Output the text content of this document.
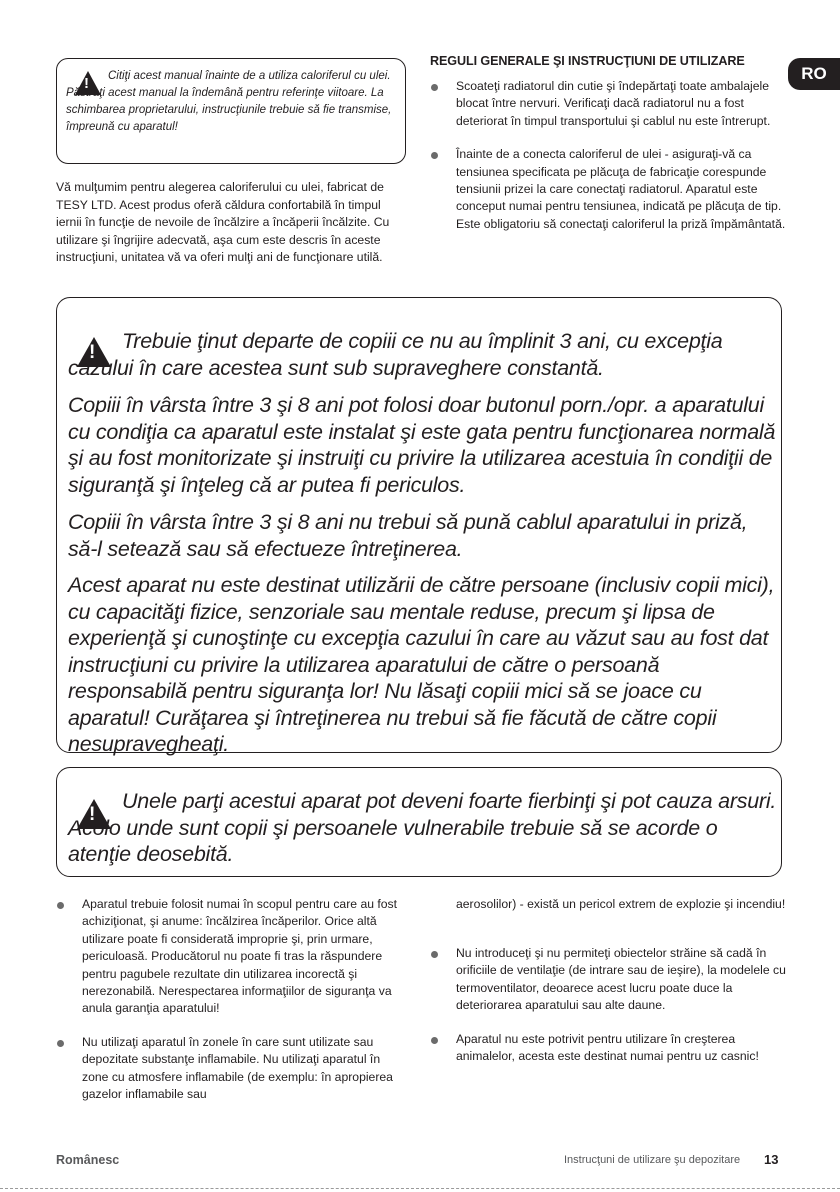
!
Citiţi acest manual înainte de a utiliza caloriferul cu ulei. Păstraţi acest manual la îndemână pentru referinţe viitoare. La schimbarea proprietarului, instrucţiunile trebuie să fie transmise, împreună cu aparatul!
Vă mulţumim pentru alegerea caloriferului cu ulei, fabricat de TESY LTD. Acest produs oferă căldura confortabilă în timpul iernii în funcţie de nevoile de încălzire a încăperii încălzite. Cu utilizare şi îngrijire adecvată, aşa cum este descris în aceste instrucţiuni, unitatea vă va oferi mulţi ani de funcţionare utilă.
REGULI GENERALE ŞI INSTRUCŢIUNI DE UTILIZARE
RO
Scoateţi radiatorul din cutie şi îndepărtaţi toate ambalajele blocat între nervuri. Verificaţi dacă radiatorul nu a fost deteriorat în timpul transportului şi cablul nu este întrerupt.
Înainte de a conecta caloriferul de ulei - asiguraţi-vă ca tensiunea specificata pe plăcuţa de fabricaţie corespunde tensiunii prizei la care conectaţi radiatorul. Aparatul este conceput numai pentru tensiunea, indicată pe plăcuţa de tip. Este obligatoriu să conectaţi caloriferul la priză împământată.
!

Trebuie ţinut departe de copiii ce nu au împlinit 3 ani, cu excepţia cazului în care acestea sunt sub supraveghere constantă.

Copiii în vârsta între 3 şi 8 ani pot folosi doar butonul porn./opr. a aparatului cu condiţia ca aparatul este instalat şi este gata pentru funcţionarea normală şi au fost monitorizate şi instruiţi cu privire la utilizarea acestuia în condiţii de siguranţă şi înţeleg că ar putea fi periculos.

Copiii în vârsta între 3 şi 8 ani nu trebui să pună cablul aparatului in priză, să-l setează sau să efectueze întreţinerea.

Acest aparat nu este destinat utilizării de către persoane (inclusiv copii mici), cu capacităţi fizice, senzoriale sau mentale reduse, precum şi lipsa de experienţă şi cunoştinţe cu excepţia cazului în care au văzut sau au fost dat instrucţiuni cu privire la utilizarea aparatului de către o persoană responsabilă pentru siguranţa lor! Nu lăsaţi copiii mici să se joace cu aparatul! Curăţarea şi întreţinerea nu trebui să fie făcută de către copii nesupravegheaţi.

!

Unele parţi acestui aparat pot deveni foarte fierbinţi şi pot cauza arsuri. Acolo unde sunt copii şi persoanele vulnerabile trebuie să se acorde o atenţie deosebită.

Aparatul trebuie folosit numai în scopul pentru care au fost achiziţionat, şi anume: încălzirea încăperilor. Orice altă utilizare poate fi considerată improprie şi, prin urmare, periculoasă. Producătorul nu poate fi tras la răspundere pentru pagubele rezultate din utilizarea incorectă şi nerezonabilă. Nerespectarea informaţiilor de siguranţa va anula garanţia aparatului!
Nu utilizaţi aparatul în zonele în care sunt utilizate sau depozitate substanţe inflamabile. Nu utilizaţi aparatul în zone cu atmosfere inflamabile (de exemplu: în apropierea gazelor inflamabile sau
aerosolilor) - există un pericol extrem de explozie şi incendiu!
Nu introduceţi şi nu permiteţi obiectelor străine să cadă în orificiile de ventilaţie (de intrare sau de ieşire), la modelele cu termoventilator, deoarece acest lucru poate duce la deteriorarea aparatului sau alte daune.
Aparatul nu este potrivit pentru utilizare în creşterea animalelor, acesta este destinat numai pentru uz casnic!
Românesc	Instrucţuni de utilizare şu depozitare 13
